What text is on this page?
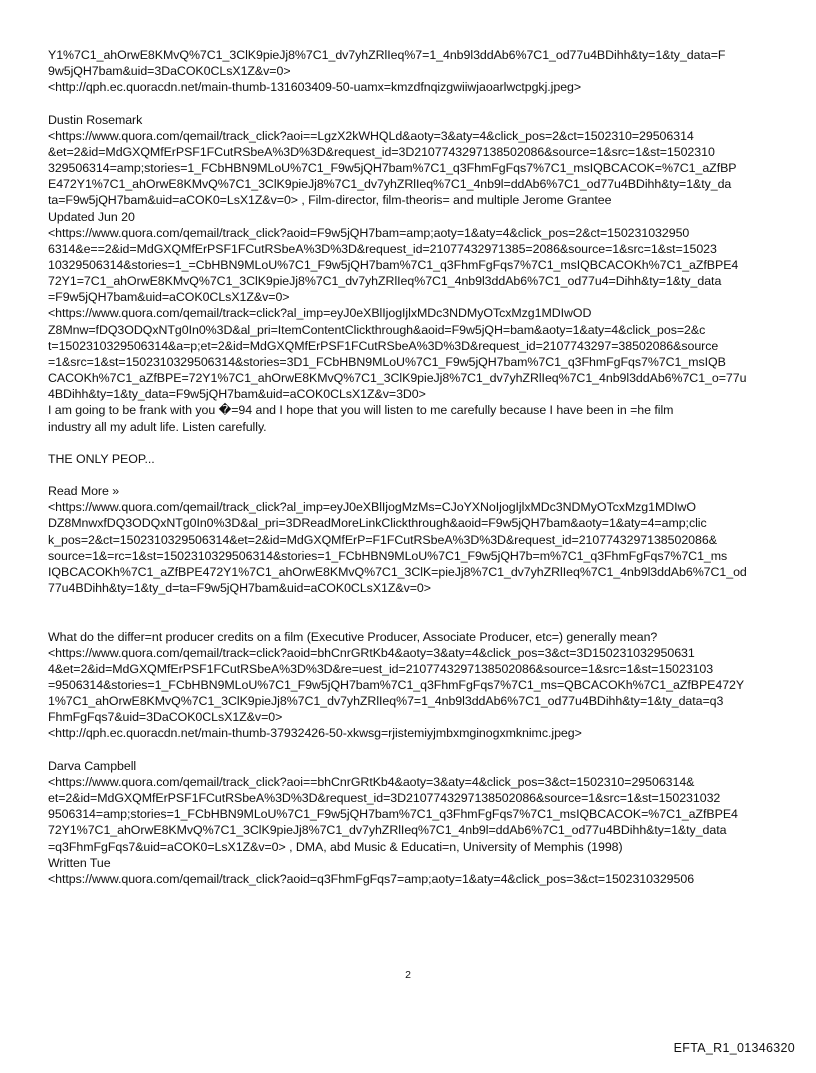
Y1%7C1_ahOrwE8KMvQ%7C1_3ClK9pieJj8%7C1_dv7yhZRlIeq%7=1_4nb9l3ddAb6%7C1_od77u4BDihh&ty=1&ty_data=F
9w5jQH7bam&uid=3DaCOK0CLsX1Z&v=0>
<http://qph.ec.quoracdn.net/main-thumb-131603409-50-uamx=kmzdfnqizgwiiwjaoarlwctpgkj.jpeg>
Dustin Rosemark
<https://www.quora.com/qemail/track_click?aoi==LgzX2kWHQLd&aoty=3&aty=4&click_pos=2&ct=1502310=29506314
&et=2&id=MdGXQMfErPSF1FCutRSbeA%3D%3D&request_id=3D2107743297138502086&source=1&src=1&st=1502310
329506314=amp;stories=1_FCbHBN9MLoU%7C1_F9w5jQH7bam%7C1_q3FhmFgFqs7%7C1_msIQBCACOK=%7C1_aZfBP
E472Y1%7C1_ahOrwE8KMvQ%7C1_3ClK9pieJj8%7C1_dv7yhZRlIeq%7C1_4nb9l=ddAb6%7C1_od77u4BDihh&ty=1&ty_da
ta=F9w5jQH7bam&uid=aCOK0=LsX1Z&v=0> , Film-director, film-theoris= and multiple Jerome Grantee
Updated Jun 20
<https://www.quora.com/qemail/track_click?aoid=F9w5jQH7bam=amp;aoty=1&aty=4&click_pos=2&ct=150231032950
6314&e==2&id=MdGXQMfErPSF1FCutRSbeA%3D%3D&request_id=21077432971385=2086&source=1&src=1&st=15023
10329506314&stories=1_=CbHBN9MLoU%7C1_F9w5jQH7bam%7C1_q3FhmFgFqs7%7C1_msIQBCACOKh%7C1_aZfBPE4
72Y1=7C1_ahOrwE8KMvQ%7C1_3ClK9pieJj8%7C1_dv7yhZRlIeq%7C1_4nb9l3ddAb6%7C1_od77u4=Dihh&ty=1&ty_data
=F9w5jQH7bam&uid=aCOK0CLsX1Z&v=0>
<https://www.quora.com/qemail/track=click?al_imp=eyJ0eXBlIjogIjlxMDc3NDMyOTcxMzg1MDIwOD
Z8Mnw=fDQ3ODQxNTg0In0%3D&al_pri=ItemContentClickthrough&aoid=F9w5jQH=bam&aoty=1&aty=4&click_pos=2&c
t=1502310329506314&a=p;et=2&id=MdGXQMfErPSF1FCutRSbeA%3D%3D&request_id=2107743297=38502086&source
=1&src=1&st=1502310329506314&stories=3D1_FCbHBN9MLoU%7C1_F9w5jQH7bam%7C1_q3FhmFgFqs7%7C1_msIQB
CACOKh%7C1_aZfBPE=72Y1%7C1_ahOrwE8KMvQ%7C1_3ClK9pieJj8%7C1_dv7yhZRlIeq%7C1_4nb9l3ddAb6%7C1_o=77u
4BDihh&ty=1&ty_data=F9w5jQH7bam&uid=aCOK0CLsX1Z&v=3D0>
I am going to be frank with you �=94 and I hope that you will listen to me carefully because I have been in =he film
industry all my adult life. Listen carefully.
THE ONLY PEOP...
Read More »
<https://www.quora.com/qemail/track_click?al_imp=eyJ0eXBlIjogMzMs=CJoYXNoIjogIjlxMDc3NDMyOTcxMzg1MDIwO
DZ8MnwxfDQ3ODQxNTg0In0%3D&al_pri=3DReadMoreLinkClickthrough&aoid=F9w5jQH7bam&aoty=1&aty=4=amp;clic
k_pos=2&ct=1502310329506314&et=2&id=MdGXQMfErP=F1FCutRSbeA%3D%3D&request_id=2107743297138502086&
source=1&=rc=1&st=1502310329506314&stories=1_FCbHBN9MLoU%7C1_F9w5jQH7b=m%7C1_q3FhmFgFqs7%7C1_ms
IQBCACOKh%7C1_aZfBPE472Y1%7C1_ahOrwE8KMvQ%7C1_3ClK=pieJj8%7C1_dv7yhZRlIeq%7C1_4nb9l3ddAb6%7C1_od
77u4BDihh&ty=1&ty_d=ta=F9w5jQH7bam&uid=aCOK0CLsX1Z&v=0>
What do the differ=nt producer credits on a film (Executive Producer, Associate Producer, etc=) generally mean?
<https://www.quora.com/qemail/track=click?aoid=bhCnrGRtKb4&aoty=3&aty=4&click_pos=3&ct=3D150231032950631
4&et=2&id=MdGXQMfErPSF1FCutRSbeA%3D%3D&re=uest_id=2107743297138502086&source=1&src=1&st=15023103
=9506314&stories=1_FCbHBN9MLoU%7C1_F9w5jQH7bam%7C1_q3FhmFgFqs7%7C1_ms=QBCACOKh%7C1_aZfBPE472Y
1%7C1_ahOrwE8KMvQ%7C1_3ClK9pieJj8%7C1_dv7yhZRlIeq%7=1_4nb9l3ddAb6%7C1_od77u4BDihh&ty=1&ty_data=q3
FhmFgFqs7&uid=3DaCOK0CLsX1Z&v=0>
<http://qph.ec.quoracdn.net/main-thumb-37932426-50-xkwsg=rjistemiyjmbxmginogxmknimc.jpeg>
Darva Campbell
<https://www.quora.com/qemail/track_click?aoi==bhCnrGRtKb4&aoty=3&aty=4&click_pos=3&ct=1502310=29506314&
et=2&id=MdGXQMfErPSF1FCutRSbeA%3D%3D&request_id=3D2107743297138502086&source=1&src=1&st=150231032
9506314=amp;stories=1_FCbHBN9MLoU%7C1_F9w5jQH7bam%7C1_q3FhmFgFqs7%7C1_msIQBCACOK=%7C1_aZfBPE4
72Y1%7C1_ahOrwE8KMvQ%7C1_3ClK9pieJj8%7C1_dv7yhZRlIeq%7C1_4nb9l=ddAb6%7C1_od77u4BDihh&ty=1&ty_data
=q3FhmFgFqs7&uid=aCOK0=LsX1Z&v=0> , DMA, abd Music & Educati=n, University of Memphis (1998)
Written Tue
<https://www.quora.com/qemail/track_click?aoid=q3FhmFgFqs7=amp;aoty=1&aty=4&click_pos=3&ct=1502310329506
2
EFTA_R1_01346320
